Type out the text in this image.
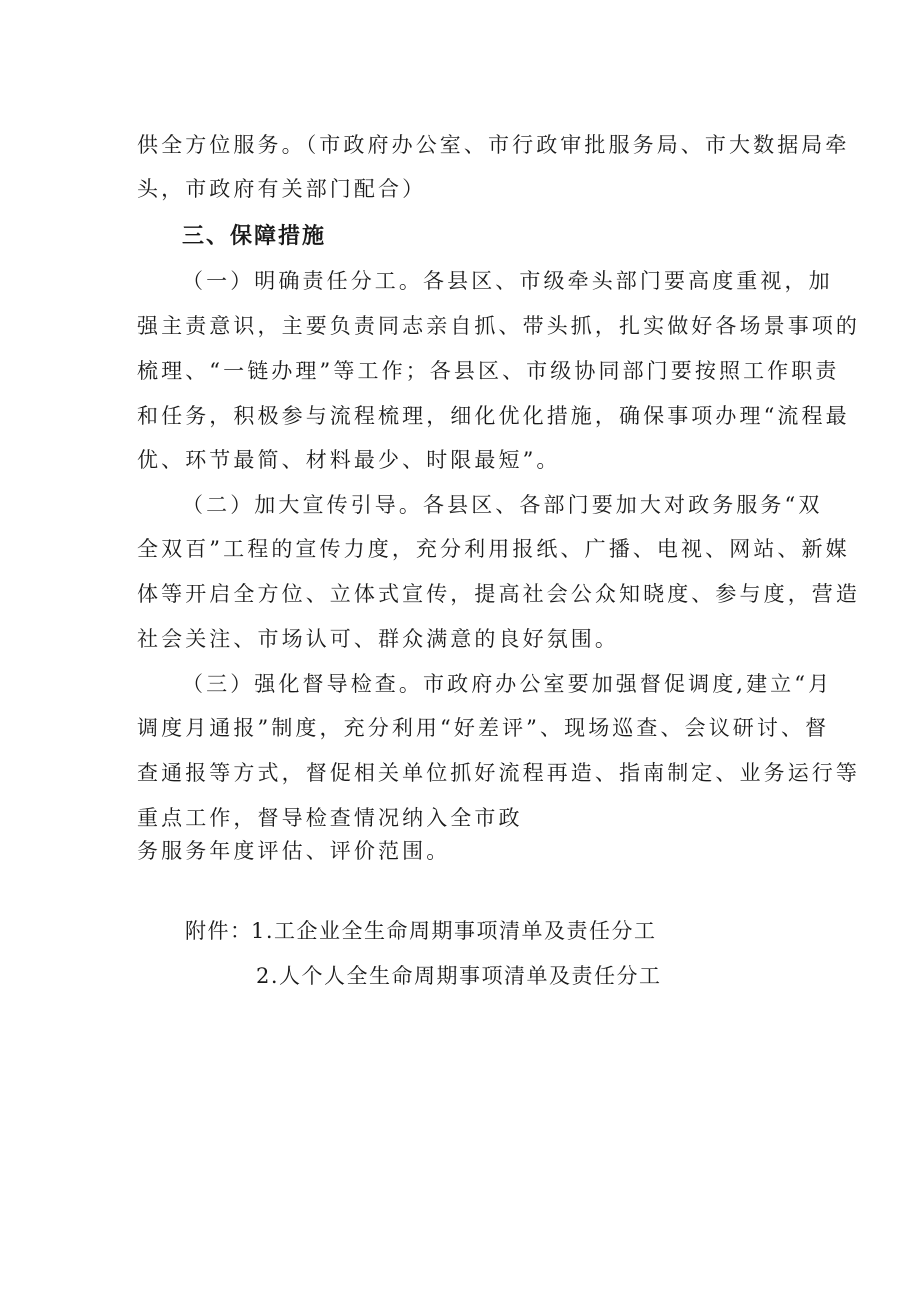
供全方位服务。（市政府办公室、市行政审批服务局、市大数据局牵
头，市政府有关部门配合）
三、保障措施
（一）明确责任分工。各县区、市级牵头部门要高度重视，加
强主责意识，主要负责同志亲自抓、带头抓，扎实做好各场景事项的
梳理、“一链办理”等工作；各县区、市级协同部门要按照工作职责
和任务，积极参与流程梳理，细化优化措施，确保事项办理“流程最
优、环节最简、材料最少、时限最短”。
（二）加大宣传引导。各县区、各部门要加大对政务服务“双
全双百”工程的宣传力度，充分利用报纸、广播、电视、网站、新媒
体等开启全方位、立体式宣传，提高社会公众知晓度、参与度，营造
社会关注、市场认可、群众满意的良好氛围。
（三）强化督导检查。市政府办公室要加强督促调度,建立“月
调度月通报”制度，充分利用“好差评”、现场巡查、会议研讨、督
查通报等方式，督促相关单位抓好流程再造、指南制定、业务运行等
重点工作，督导检查情况纳入全市政
务服务年度评估、评价范围。
附件：
1.工企业全生命周期事项清单及责任分工
2.人个人全生命周期事项清单及责任分工
